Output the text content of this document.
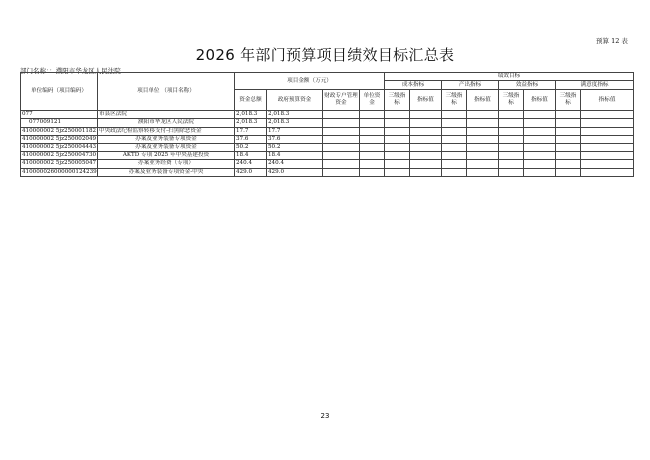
预算 12 表
2026 年部门预算项目绩效目标汇总表
部门名称：：濮阳市华龙区人民法院
单位编码（项目编码）	项目单位 （项目名称）	项目金额（万元）				绩效目标							
						成本指标		产出指标		效益指标		满意度指标	
		资金总额	政府预算资金	财政专户管理资金	单位资金	三级指标	指标值	三级指标	指标值	三级指标	指标值	三级指标	指标值
077	市县区法院	2,018.3	2,018.3										
077009121	濮阳市华龙区人民法院	2,018.3	2,018.3										
410000002 5jz250001182	中央政法纪检监察转移支付-扫黑除恶资金	17.7	17.7										
410000002 5jz250002049	办案及业务装备专项资金	37.6	37.6										
410000002 5jz250004443	办案及业务装备专项资金	50.2	50.2										
410000002 5jz250004730	AKTD 专项 2025 年中央基建投资	18.4	18.4										
410000002 5jz250005047	办案业务经费（专项）	240.4	240.4										
410000026000000124239	办案及业务装备专项资金-中央	429.0	429.0										
23
